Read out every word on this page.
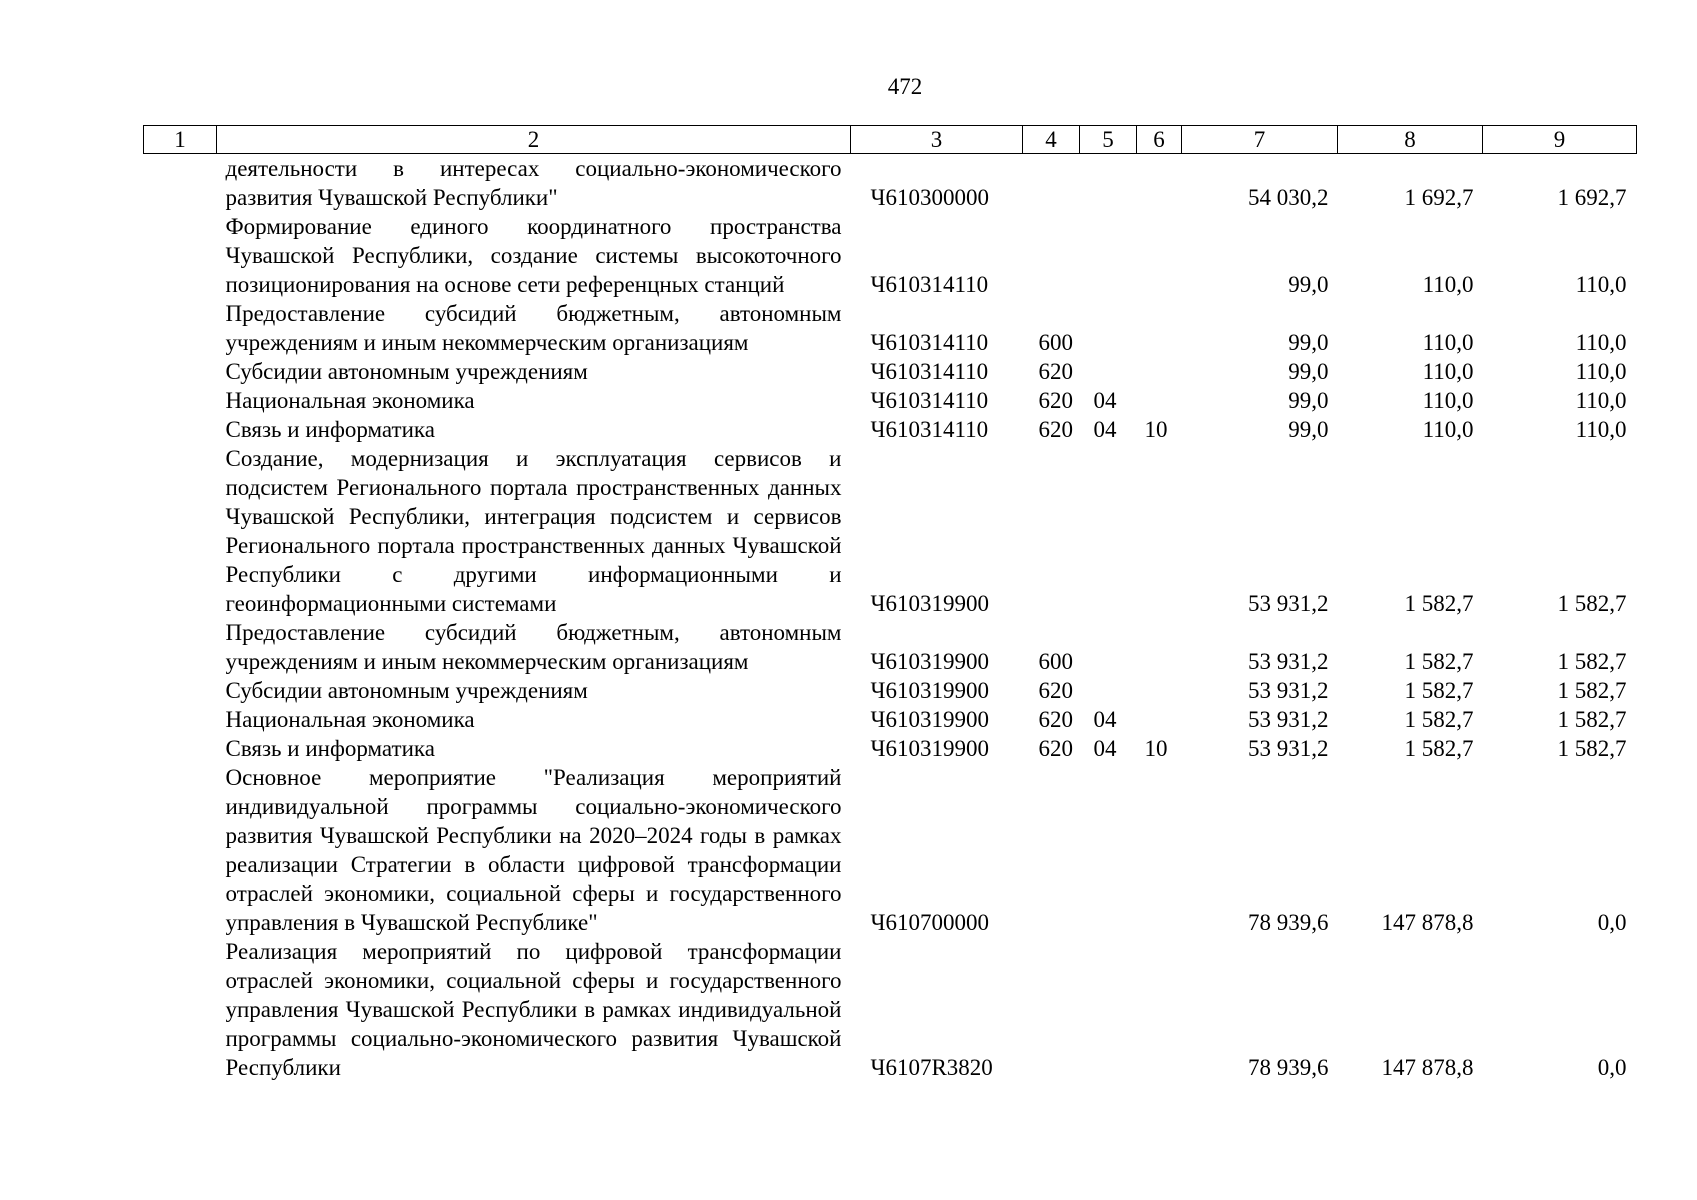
472
1	2	3	4	5	6	7	8	9
	деятельности в интересах социально-экономического развития Чувашской Республики"	Ч610300000				54 030,2	1 692,7	1 692,7
	Формирование единого координатного пространства Чувашской Республики, создание системы высокоточного позиционирования на основе сети референцных станций	Ч610314110				99,0	110,0	110,0
	Предоставление субсидий бюджетным, автономным учреждениям и иным некоммерческим организациям	Ч610314110	600			99,0	110,0	110,0
	Субсидии автономным учреждениям	Ч610314110	620			99,0	110,0	110,0
	Национальная экономика	Ч610314110	620	04		99,0	110,0	110,0
	Связь и информатика	Ч610314110	620	04	10	99,0	110,0	110,0
	Создание, модернизация и эксплуатация сервисов и подсистем Регионального портала пространственных данных Чувашской Республики, интеграция подсистем и сервисов Регионального портала пространственных данных Чувашской Республики с другими информационными и геоинформационными системами	Ч610319900				53 931,2	1 582,7	1 582,7
	Предоставление субсидий бюджетным, автономным учреждениям и иным некоммерческим организациям	Ч610319900	600			53 931,2	1 582,7	1 582,7
	Субсидии автономным учреждениям	Ч610319900	620			53 931,2	1 582,7	1 582,7
	Национальная экономика	Ч610319900	620	04		53 931,2	1 582,7	1 582,7
	Связь и информатика	Ч610319900	620	04	10	53 931,2	1 582,7	1 582,7
	Основное мероприятие "Реализация мероприятий индивидуальной программы социально-экономического развития Чувашской Республики на 2020–2024 годы в рамках реализации Стратегии в области цифровой трансформации отраслей экономики, социальной сферы и государственного управления в Чувашской Республике"	Ч610700000				78 939,6	147 878,8	0,0
	Реализация мероприятий по цифровой трансформации отраслей экономики, социальной сферы и государственного управления Чувашской Республики в рамках индивидуальной программы социально-экономического развития Чувашской Республики	Ч6107R3820				78 939,6	147 878,8	0,0
